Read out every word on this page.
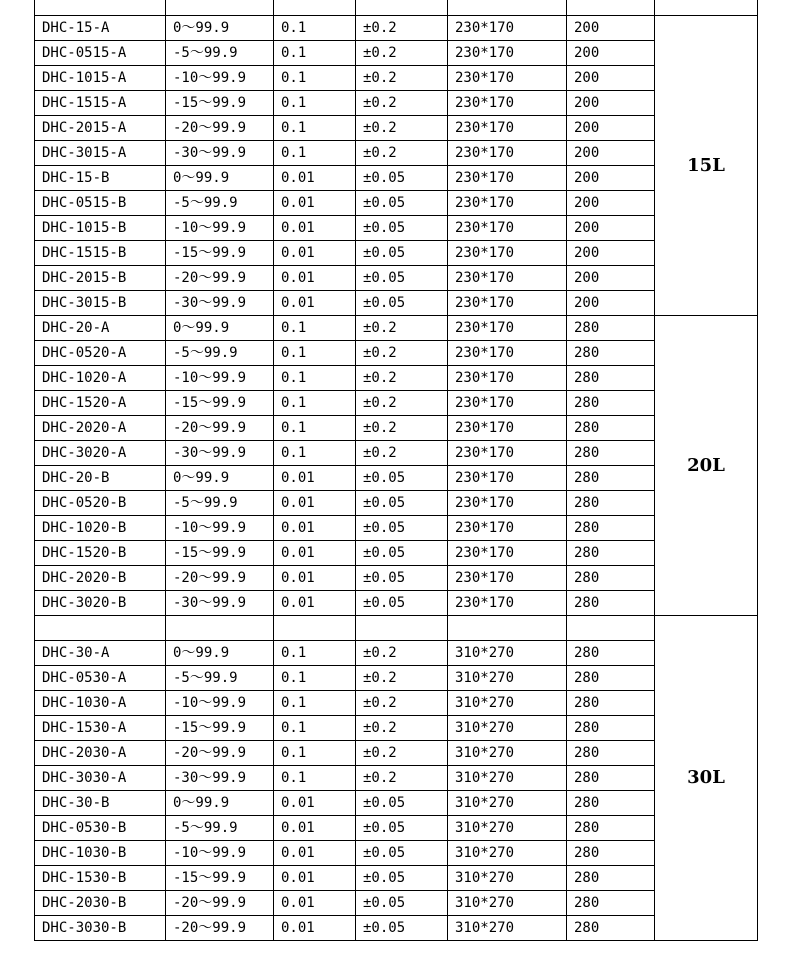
DHC-15-A	0～99.9	0.1	±0.2	230*170	200	15L
DHC-0515-A	-5～99.9	0.1	±0.2	230*170	200	
DHC-1015-A	-10～99.9	0.1	±0.2	230*170	200	
DHC-1515-A	-15～99.9	0.1	±0.2	230*170	200	
DHC-2015-A	-20～99.9	0.1	±0.2	230*170	200	
DHC-3015-A	-30～99.9	0.1	±0.2	230*170	200	
DHC-15-B	0～99.9	0.01	±0.05	230*170	200	
DHC-0515-B	-5～99.9	0.01	±0.05	230*170	200	
DHC-1015-B	-10～99.9	0.01	±0.05	230*170	200	
DHC-1515-B	-15～99.9	0.01	±0.05	230*170	200	
DHC-2015-B	-20～99.9	0.01	±0.05	230*170	200	
DHC-3015-B	-30～99.9	0.01	±0.05	230*170	200	
DHC-20-A	0～99.9	0.1	±0.2	230*170	280	20L
DHC-0520-A	-5～99.9	0.1	±0.2	230*170	280	
DHC-1020-A	-10～99.9	0.1	±0.2	230*170	280	
DHC-1520-A	-15～99.9	0.1	±0.2	230*170	280	
DHC-2020-A	-20～99.9	0.1	±0.2	230*170	280	
DHC-3020-A	-30～99.9	0.1	±0.2	230*170	280	
DHC-20-B	0～99.9	0.01	±0.05	230*170	280	
DHC-0520-B	-5～99.9	0.01	±0.05	230*170	280	
DHC-1020-B	-10～99.9	0.01	±0.05	230*170	280	
DHC-1520-B	-15～99.9	0.01	±0.05	230*170	280	
DHC-2020-B	-20～99.9	0.01	±0.05	230*170	280	
DHC-3020-B	-30～99.9	0.01	±0.05	230*170	280	
						30L
DHC-30-A	0～99.9	0.1	±0.2	310*270	280	
DHC-0530-A	-5～99.9	0.1	±0.2	310*270	280	
DHC-1030-A	-10～99.9	0.1	±0.2	310*270	280	
DHC-1530-A	-15～99.9	0.1	±0.2	310*270	280	
DHC-2030-A	-20～99.9	0.1	±0.2	310*270	280	
DHC-3030-A	-30～99.9	0.1	±0.2	310*270	280	
DHC-30-B	0～99.9	0.01	±0.05	310*270	280	
DHC-0530-B	-5～99.9	0.01	±0.05	310*270	280	
DHC-1030-B	-10～99.9	0.01	±0.05	310*270	280	
DHC-1530-B	-15～99.9	0.01	±0.05	310*270	280	
DHC-2030-B	-20～99.9	0.01	±0.05	310*270	280	
DHC-3030-B	-20～99.9	0.01	±0.05	310*270	280	
